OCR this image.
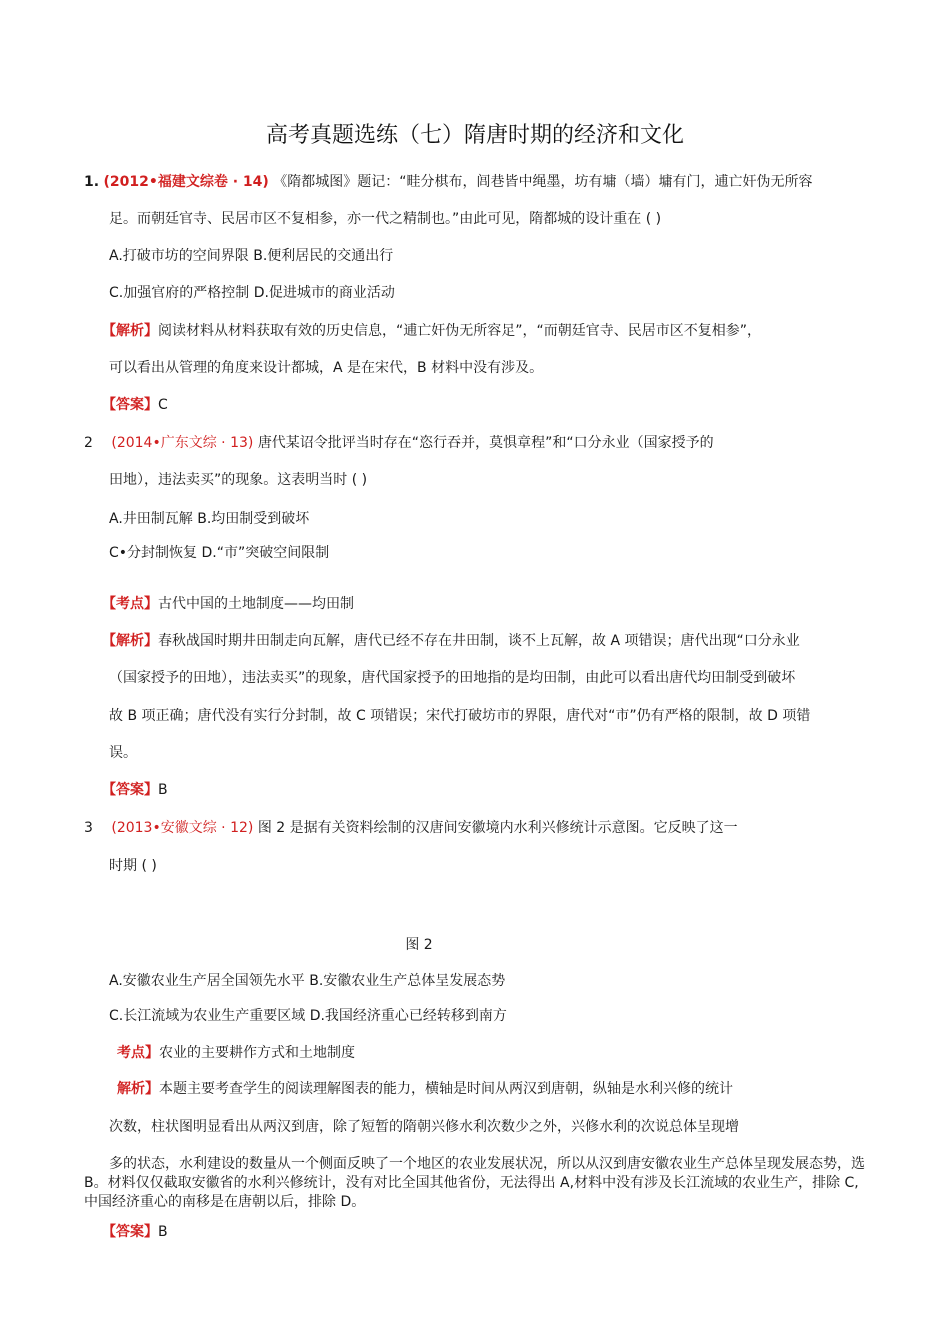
高考真题选练（七）隋唐时期的经济和文化
1. (2012•福建文综卷 · 14) 《隋都城图》题记：“畦分棋布，闾巷皆中绳墨，坊有墉（墙）墉有门，逋亡奸伪无所容
足。而朝廷官寺、民居市区不复相参，亦一代之精制也。”由此可见，隋都城的设计重在 ( )
A.打破市坊的空间界限 B.便利居民的交通出行
C.加强官府的严格控制 D.促进城市的商业活动
【解析】阅读材料从材料获取有效的历史信息，“逋亡奸伪无所容足”，“而朝廷官寺、民居市区不复相参”，
可以看出从管理的角度来设计都城，A 是在宋代，B 材料中没有涉及。
【答案】C
2 (2014•广东文综 · 13) 唐代某诏令批评当时存在“恣行吞并，莫惧章程”和“口分永业（国家授予的
田地），违法卖买”的现象。这表明当时 ( )
A.井田制瓦解 B.均田制受到破坏
C•分封制恢复 D.“市”突破空间限制
【考点】古代中国的土地制度——均田制
【解析】春秋战国时期井田制走向瓦解，唐代已经不存在井田制，谈不上瓦解，故 A 项错误；唐代出现“口分永业
（国家授予的田地），违法卖买”的现象，唐代国家授予的田地指的是均田制，由此可以看出唐代均田制受到破坏
故 B 项正确；唐代没有实行分封制，故 C 项错误；宋代打破坊市的界限，唐代对“市”仍有严格的限制，故 D 项错
误。
【答案】B
3 (2013•安徽文综 · 12) 图 2 是据有关资料绘制的汉唐间安徽境内水利兴修统计示意图。它反映了这一
时期 ( )
图 2
A.安徽农业生产居全国领先水平 B.安徽农业生产总体呈发展态势
C.长江流域为农业生产重要区域 D.我国经济重心已经转移到南方
考点】农业的主要耕作方式和土地制度
解析】本题主要考查学生的阅读理解图表的能力，横轴是时间从两汉到唐朝，纵轴是水利兴修的统计
次数，柱状图明显看出从两汉到唐，除了短暂的隋朝兴修水利次数少之外，兴修水利的次说总体呈现增
多的状态，水利建设的数量从一个侧面反映了一个地区的农业发展状况，所以从汉到唐安徽农业生产总体呈现发展态势，选 B。材料仅仅截取安徽省的水利兴修统计，没有对比全国其他省份，无法得出 A,材料中没有涉及长江流域的农业生产，排除 C,中国经济重心的南移是在唐朝以后，排除 D。
【答案】B
